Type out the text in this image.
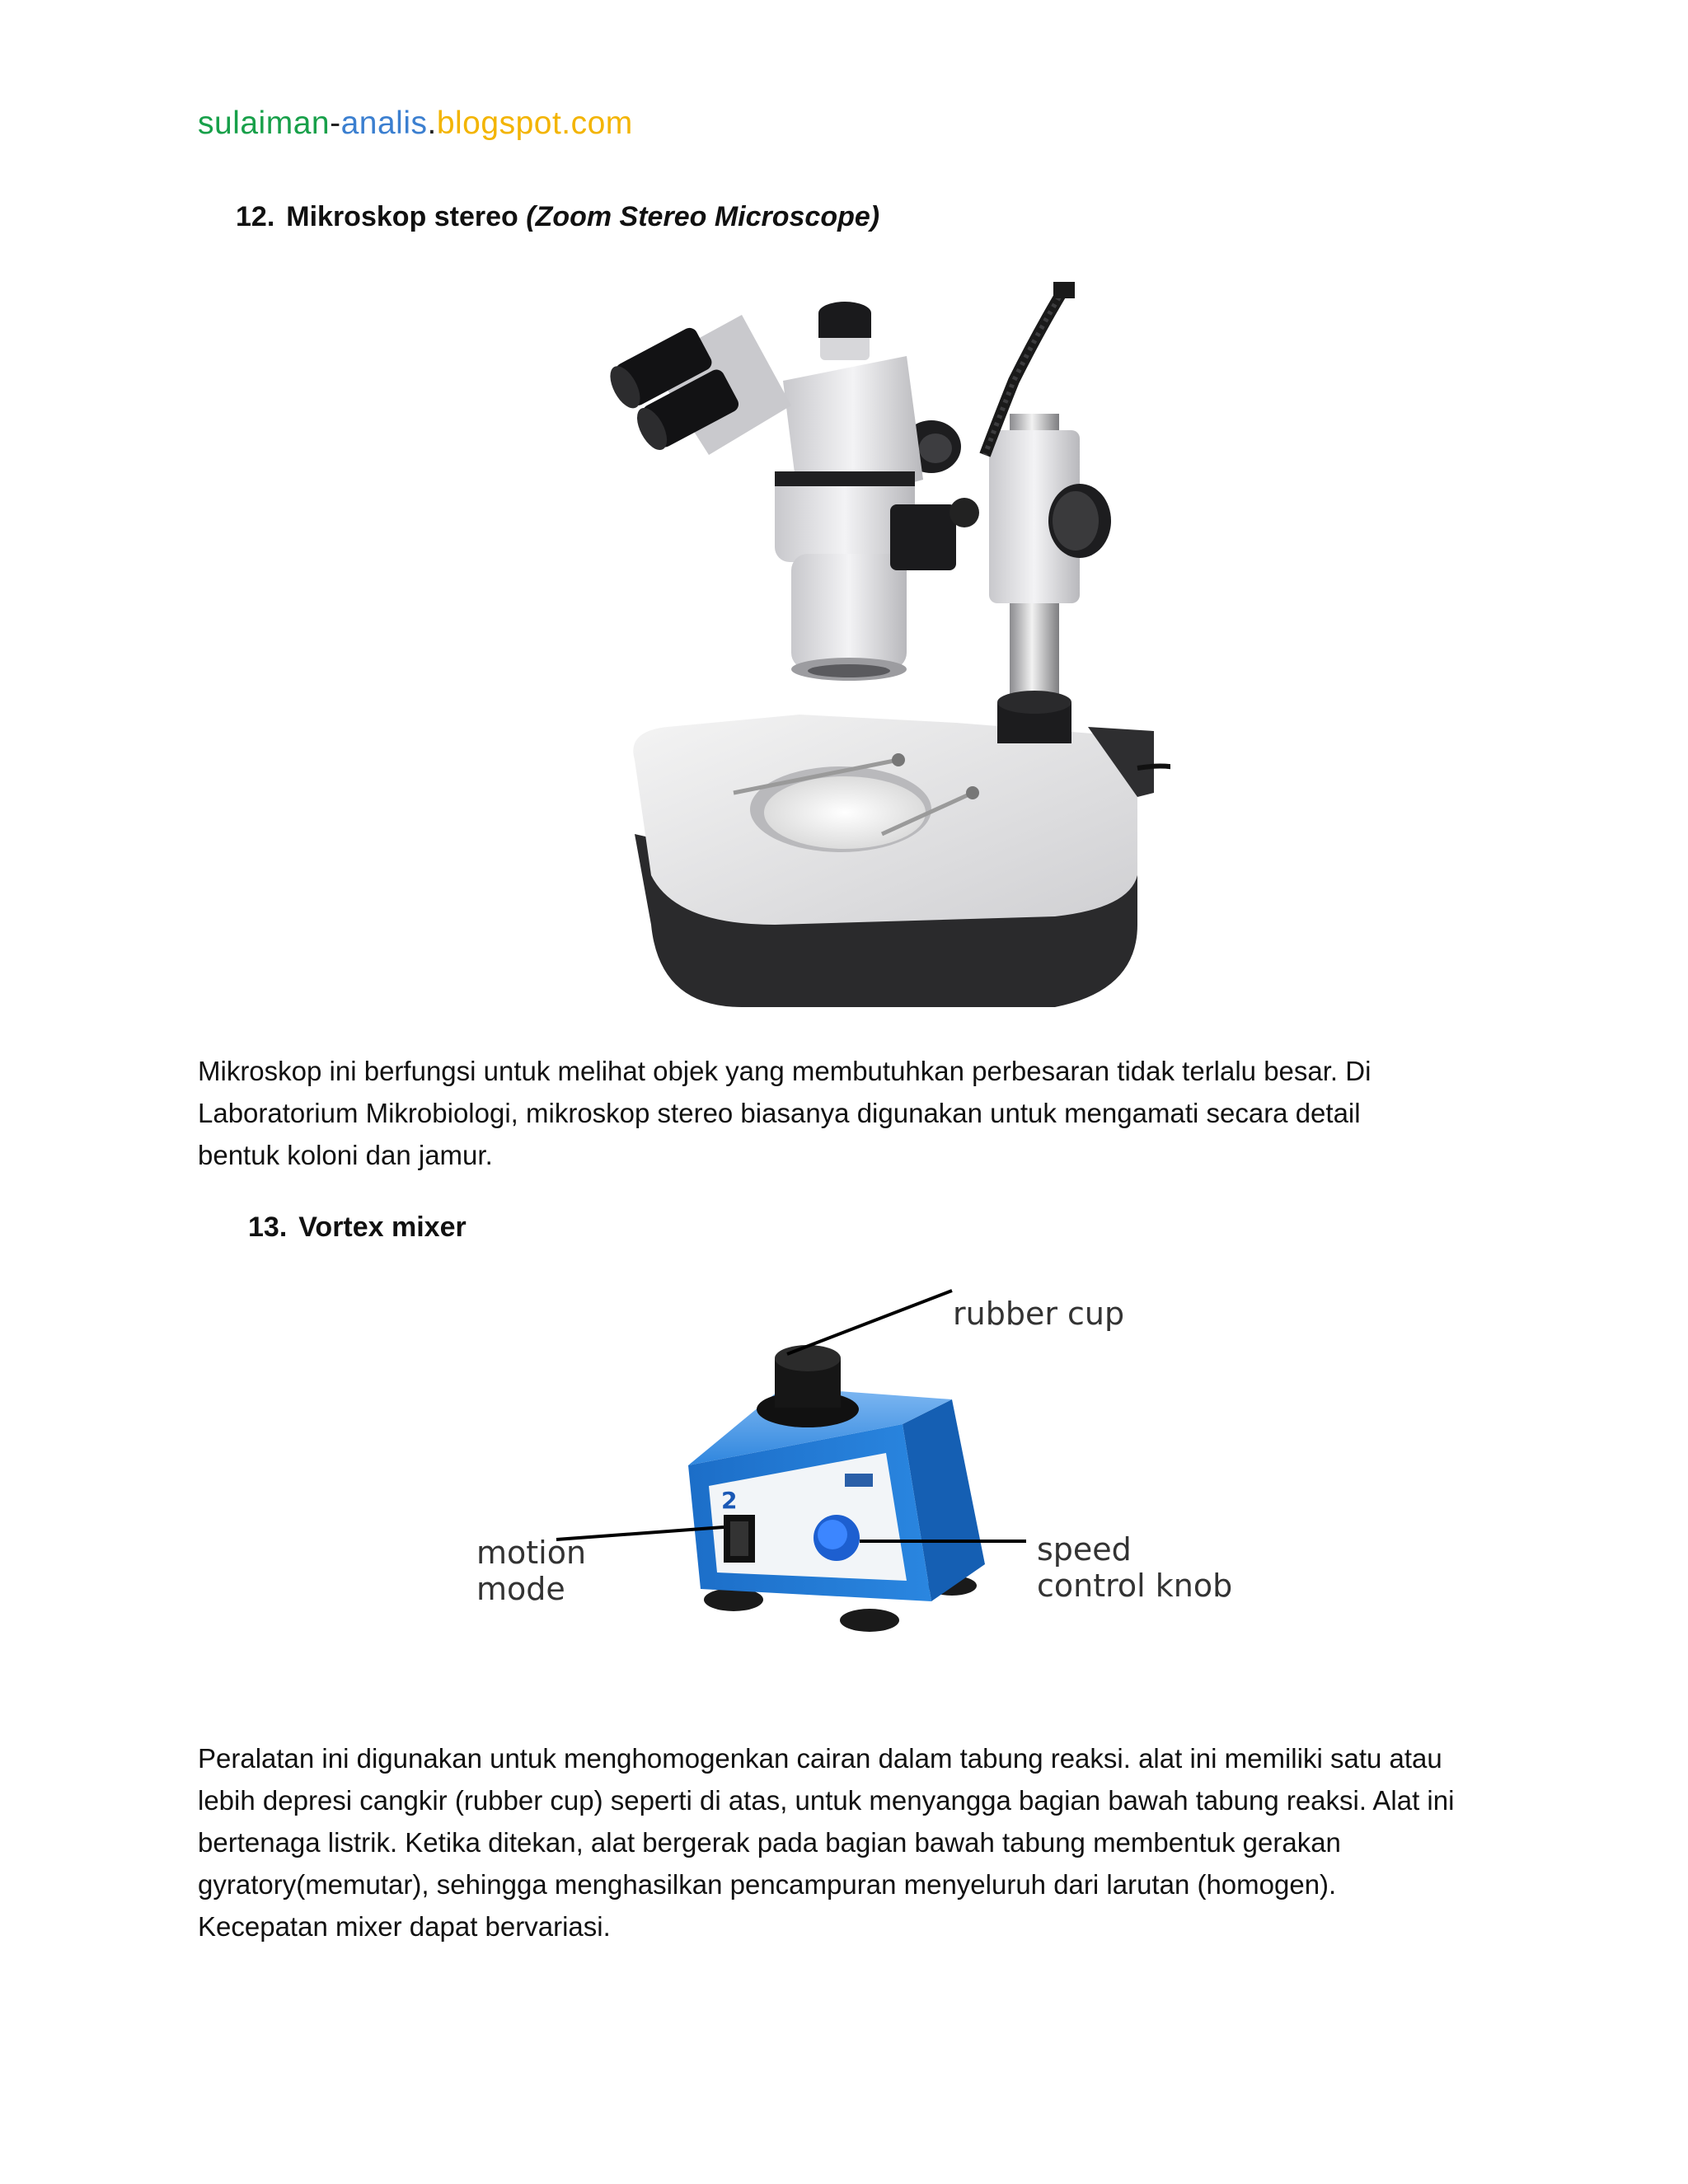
sulaiman-analis.blogspot.com
12. Mikroskop stereo (Zoom Stereo Microscope)
Mikroskop ini berfungsi untuk melihat objek yang membutuhkan perbesaran tidak terlalu besar. Di
Laboratorium Mikrobiologi, mikroskop stereo biasanya digunakan untuk mengamati secara detail
bentuk koloni dan jamur.
13. Vortex mixer
2
rubber cup
motion
mode
speed
control knob
Peralatan ini digunakan untuk menghomogenkan cairan dalam tabung reaksi. alat ini memiliki satu atau
lebih depresi cangkir (rubber cup) seperti di atas, untuk menyangga bagian bawah tabung reaksi. Alat ini
bertenaga listrik. Ketika ditekan, alat bergerak pada bagian bawah tabung membentuk gerakan
gyratory(memutar), sehingga menghasilkan pencampuran menyeluruh dari larutan (homogen).
Kecepatan mixer dapat bervariasi.
